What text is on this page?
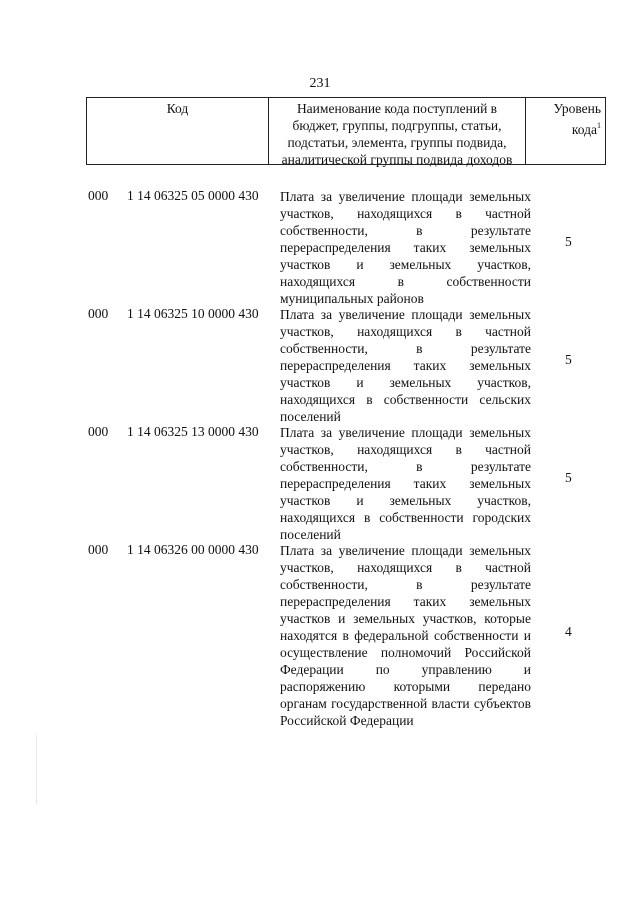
231
Код	Наименование кода поступлений в бюджет, группы, подгруппы, статьи, подстатьи, элемента, группы подвида, аналитической группы подвида доходов
Уровень кода$^1$
000 1 14 06325 05 0000 430 Плата за увеличение площади земельных участков, находящихся в частной собственности, в результате перераспределения таких земельных участков и земельных участков, находящихся в собственности муниципальных районов
5
000 1 14 06325 10 0000 430 Плата за увеличение площади земельных участков, находящихся в частной собственности, в результате перераспределения таких земельных участков и земельных участков, находящихся в собственности сельских поселений
5
000 1 14 06325 13 0000 430 Плата за увеличение площади земельных участков, находящихся в частной собственности, в результате перераспределения таких земельных участков и земельных участков, находящихся в собственности городских поселений
5
000 1 14 06326 00 0000 430 Плата за увеличение площади земельных участков, находящихся в частной собственности, в результате перераспределения таких земельных участков и земельных участков, которые находятся в федеральной собственности и осуществление полномочий Российской Федерации по управлению и распоряжению которыми передано органам государственной власти субъектов Российской Федерации
4
